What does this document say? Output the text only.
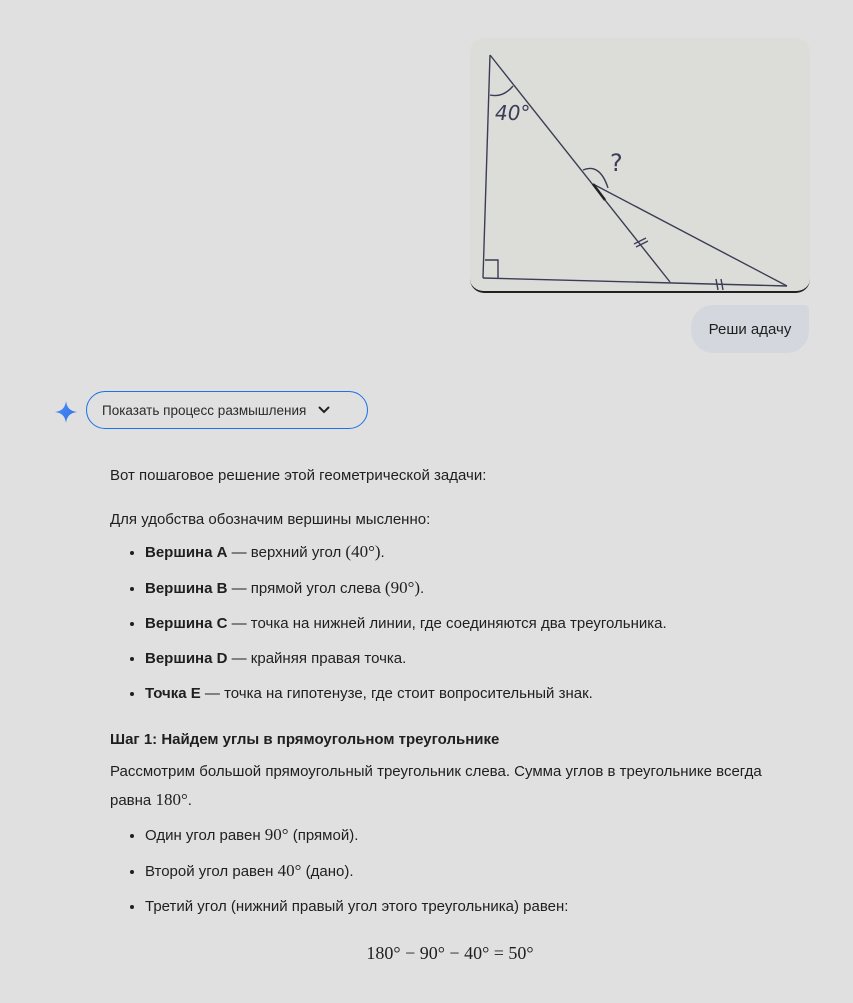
40°
?
Реши адачу
Показать процесс размышления

Вот пошаговое решение этой геометрической задачи:

Для удобства обозначим вершины мысленно:

• Вершина A — верхний угол (40°).
• Вершина B — прямой угол слева (90°).
• Вершина C — точка на нижней линии, где соединяются два треугольника.
• Вершина D — крайняя правая точка.
• Точка E — точка на гипотенузе, где стоит вопросительный знак.
Шаг 1: Найдем углы в прямоугольном треугольнике

Рассмотрим большой прямоугольный треугольник слева. Сумма углов в треугольнике всегда равна 180°.

• Один угол равен 90° (прямой).
• Второй угол равен 40° (дано).
• Третий угол (нижний правый угол этого треугольника) равен:
180° − 90° − 40° = 50°
